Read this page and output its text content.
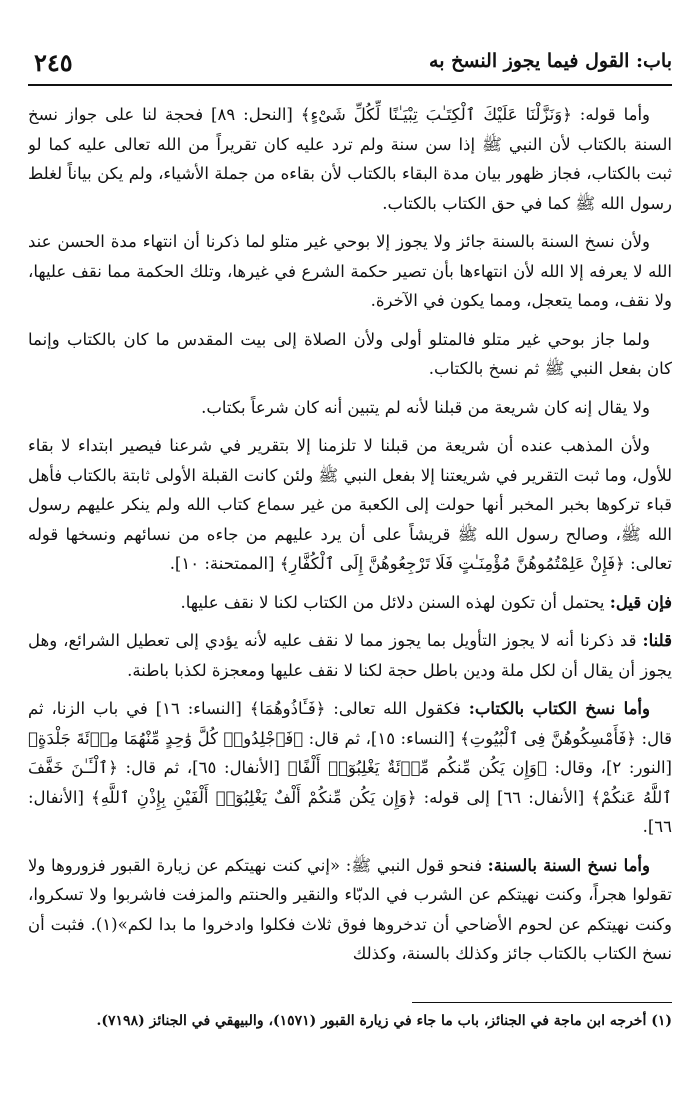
٢٤٥	باب: القول فيما يجوز النسخ به

وأما قوله: ﴿وَنَزَّلْنَا عَلَيْكَ ٱلْكِتَـٰبَ تِبْيَـٰنًا لِّكُلِّ شَىْءٍ﴾ [النحل: ٨٩] فحجة لنا على جواز نسخ السنة بالكتاب لأن النبي ﷺ إذا سن سنة ولم ترد عليه كان تقريراً من الله تعالى عليه كما لو ثبت بالكتاب، فجاز ظهور بيان مدة البقاء بالكتاب لأن بقاءه من جملة الأشياء، ولم يكن بياناً لغلط رسول الله ﷺ كما في حق الكتاب بالكتاب.

ولأن نسخ السنة بالسنة جائز ولا يجوز إلا بوحي غير متلو لما ذكرنا أن انتهاء مدة الحسن عند الله لا يعرفه إلا الله لأن انتهاءها بأن تصير حكمة الشرع في غيرها، وتلك الحكمة مما نقف عليها، ولا نقف، ومما يتعجل، ومما يكون في الآخرة.

ولما جاز بوحي غير متلو فالمتلو أولى ولأن الصلاة إلى بيت المقدس ما كان بالكتاب وإنما كان بفعل النبي ﷺ ثم نسخ بالكتاب.

ولا يقال إنه كان شريعة من قبلنا لأنه لم يتبين أنه كان شرعاً بكتاب.

ولأن المذهب عنده أن شريعة من قبلنا لا تلزمنا إلا بتقرير في شرعنا فيصير ابتداء لا بقاء للأول، وما ثبت التقرير في شريعتنا إلا بفعل النبي ﷺ ولئن كانت القبلة الأولى ثابتة بالكتاب فأهل قباء تركوها بخبر المخبر أنها حولت إلى الكعبة من غير سماع كتاب الله ولم ينكر عليهم رسول الله ﷺ، وصالح رسول الله ﷺ قريشاً على أن يرد عليهم من جاءه من نسائهم ونسخها قوله تعالى: ﴿فَإِنْ عَلِمْتُمُوهُنَّ مُؤْمِنَـٰتٍ فَلَا تَرْجِعُوهُنَّ إِلَى ٱلْكُفَّارِ﴾ [الممتحنة: ١٠].

فإن قيل: يحتمل أن تكون لهذه السنن دلائل من الكتاب لكنا لا نقف عليها.

قلنا: قد ذكرنا أنه لا يجوز التأويل بما يجوز مما لا نقف عليه لأنه يؤدي إلى تعطيل الشرائع، وهل يجوز أن يقال أن لكل ملة ودين باطل حجة لكنا لا نقف عليها ومعجزة لكذبا باطنة.

وأما نسخ الكتاب بالكتاب: فكقول الله تعالى: ﴿فَـَٔاذُوهُمَا﴾ [النساء: ١٦] في باب الزنا، ثم قال: ﴿فَأَمْسِكُوهُنَّ فِى ٱلْبُيُوتِ﴾ [النساء: ١٥]، ثم قال: ﴿فَٱجْلِدُوا۟ كُلَّ وَٰحِدٍ مِّنْهُمَا مِا۟ئَةَ جَلْدَةٍ﴾ [النور: ٢]، وقال: ﴿وَإِن يَكُن مِّنكُم مِّا۟ئَةٌ يَغْلِبُوٓا۟ أَلْفًا﴾ [الأنفال: ٦٥]، ثم قال: ﴿ٱلْـَٔـٰنَ خَفَّفَ ٱللَّهُ عَنكُمْ﴾ [الأنفال: ٦٦] إلى قوله: ﴿وَإِن يَكُن مِّنكُمْ أَلْفٌ يَغْلِبُوٓا۟ أَلْفَيْنِ بِإِذْنِ ٱللَّهِ﴾ [الأنفال: ٦٦].

وأما نسخ السنة بالسنة: فنحو قول النبي ﷺ: «إني كنت نهيتكم عن زيارة القبور فزوروها ولا تقولوا هجراً، وكنت نهيتكم عن الشرب في الدبّاء والنقير والحنتم والمزفت فاشربوا ولا تسكروا، وكنت نهيتكم عن لحوم الأضاحي أن تدخروها فوق ثلاث فكلوا وادخروا ما بدا لكم»(١). فثبت أن نسخ الكتاب بالكتاب جائز وكذلك بالسنة، وكذلك

(١) أخرجه ابن ماجة في الجنائز، باب ما جاء في زيارة القبور (١٥٧١)، والبيهقي في الجنائز (٧١٩٨).
